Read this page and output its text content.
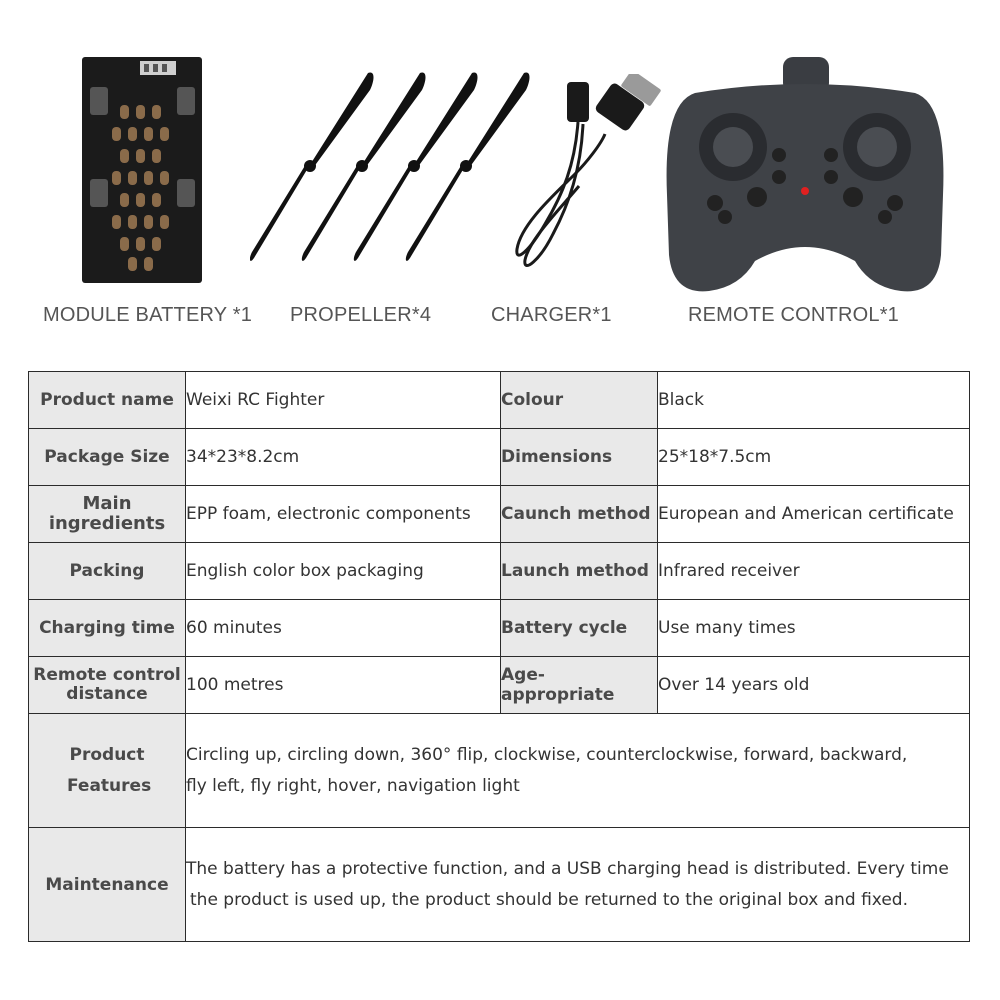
MODULE BATTERY *1 PROPELLER*4	CHARGER*1	REMOTE CONTROL*1
Product name	Weixi RC Fighter	Colour	Black
Package Size	34*23*8.2cm	Dimensions	25*18*7.5cm
Main ingredients	EPP foam, electronic components	Caunch method	European and American certificate
Packing	English color box packaging	Launch method	Infrared receiver
Charging time	60 minutes	Battery cycle	Use many times
Remote control distance	100 metres	Age-appropriate	Over 14 years old
Product Features	Circling up, circling down, 360° flip, clockwise, counterclockwise, forward, backward,
fly left, fly right, hover, navigation light		

Maintenance	The battery has a protective function, and a USB charging head is distributed. Every time
the product is used up, the product should be returned to the original box and fixed.		
